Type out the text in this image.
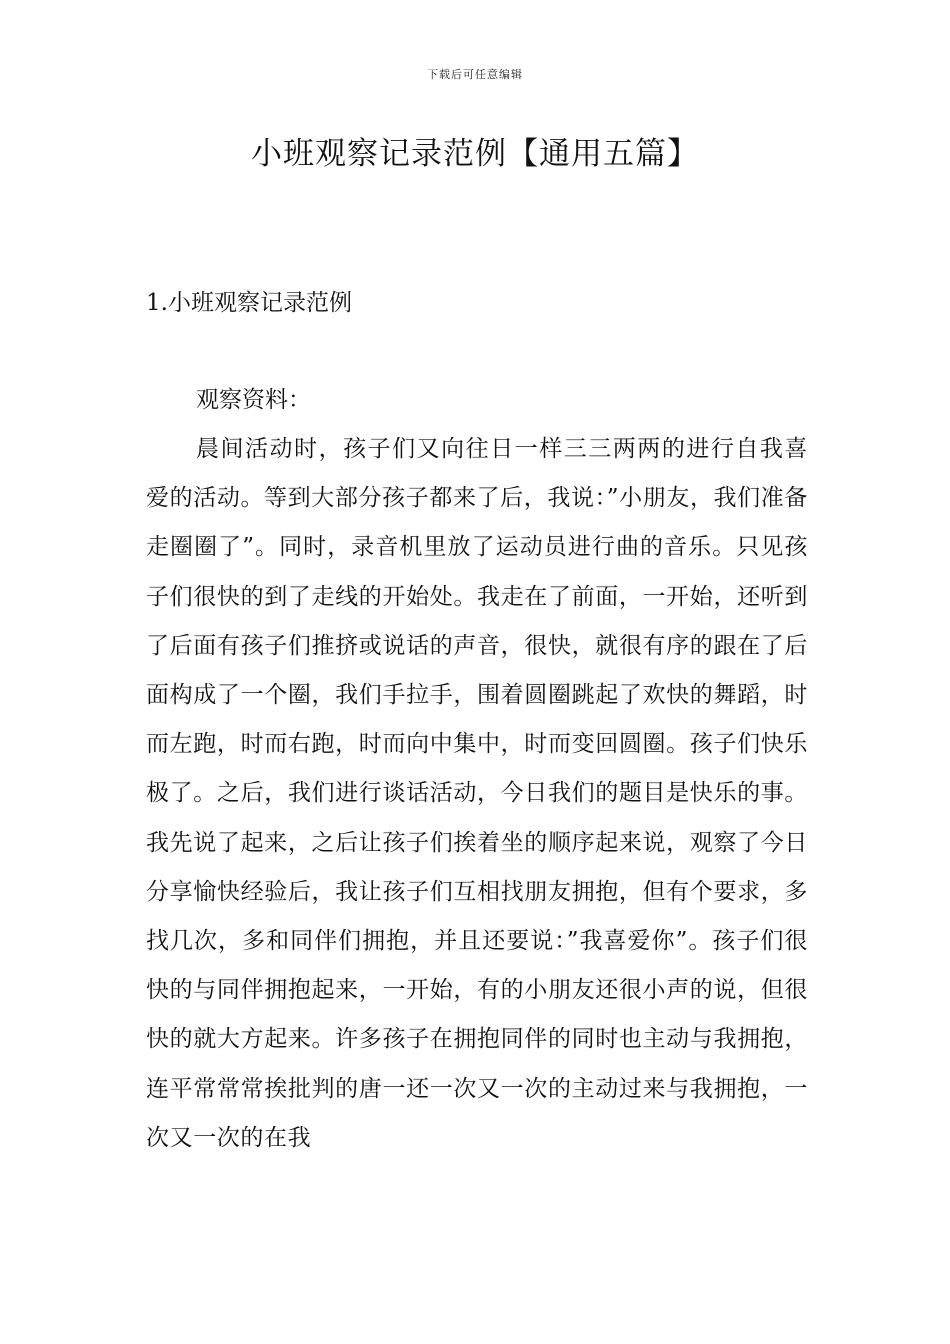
下载后可任意编辑
小班观察记录范例【通用五篇】
1.小班观察记录范例
观察资料：

晨间活动时，孩子们又向往日一样三三两两的进行自我喜爱的活动。等到大部分孩子都来了后，我说：”小朋友，我们准备走圈圈了”。同时，录音机里放了运动员进行曲的音乐。只见孩子们很快的到了走线的开始处。我走在了前面，一开始，还听到了后面有孩子们推挤或说话的声音，很快，就很有序的跟在了后面构成了一个圈，我们手拉手，围着圆圈跳起了欢快的舞蹈，时而左跑，时而右跑，时而向中集中，时而变回圆圈。孩子们快乐极了。之后，我们进行谈话活动，今日我们的题目是快乐的事。我先说了起来，之后让孩子们挨着坐的顺序起来说，观察了今日分享愉快经验后，我让孩子们互相找朋友拥抱，但有个要求，多找几次，多和同伴们拥抱，并且还要说：”我喜爱你”。孩子们很快的与同伴拥抱起来，一开始，有的小朋友还很小声的说，但很快的就大方起来。许多孩子在拥抱同伴的同时也主动与我拥抱，连平常常常挨批判的唐一还一次又一次的主动过来与我拥抱，一次又一次的在我
